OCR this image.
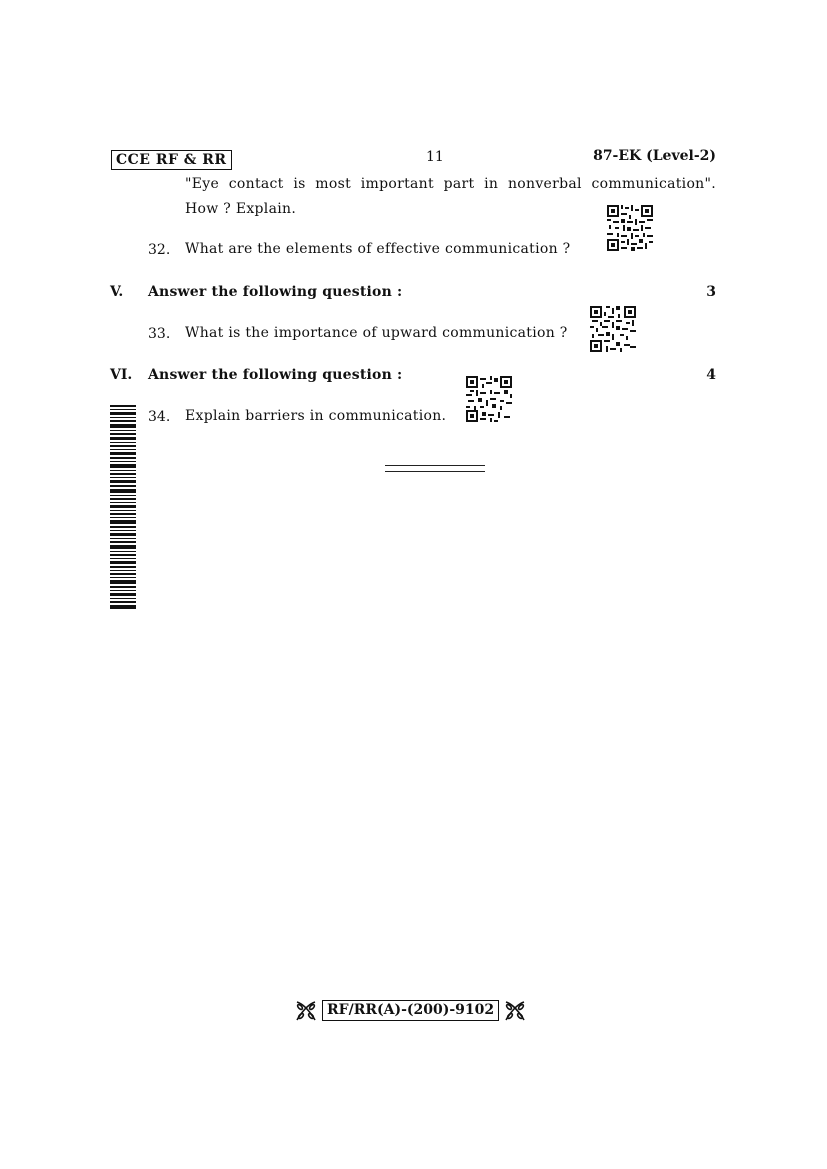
CCE RF & RR	11	87-EK (Level-2)
"Eye contact is most important part in nonverbal communication".
How ? Explain.
32. What are the elements of effective communication ?
V. Answer the following question :	3
33. What is the importance of upward communication ?
VI. Answer the following question :	4
34. Explain barriers in communication.
RF/RR(A)-(200)-9102
